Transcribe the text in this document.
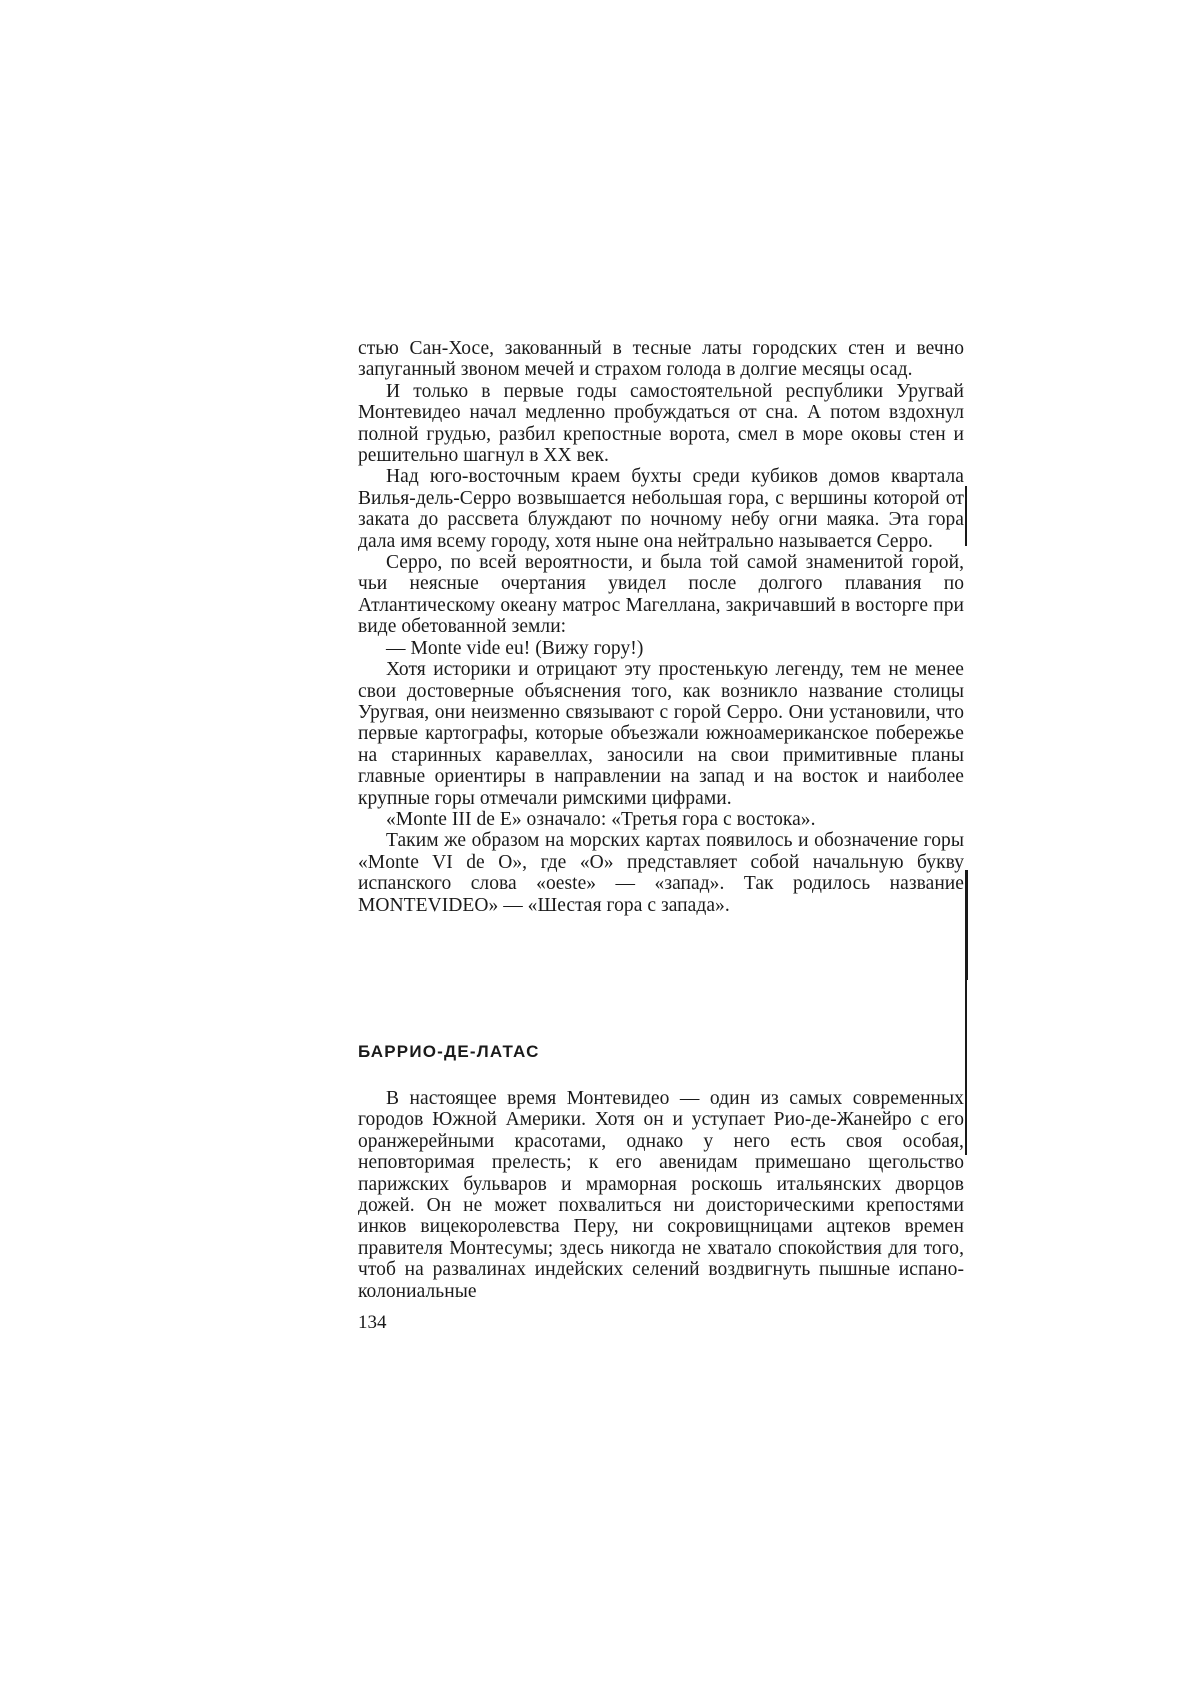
стью Сан-Хосе, закованный в тесные латы городских стен и вечно запуганный звоном мечей и страхом голода в долгие месяцы осад.

И только в первые годы самостоятельной республики Уругвай Монтевидео начал медленно пробуждаться от сна. А потом вздохнул полной грудью, разбил крепостные ворота, смел в море оковы стен и решительно шагнул в XX век.

Над юго-восточным краем бухты среди кубиков домов квартала Вилья-дель-Серро возвышается небольшая гора, с вершины которой от заката до рассвета блуждают по ночному небу огни маяка. Эта гора дала имя всему городу, хотя ныне она нейтрально называется Серро.

Серро, по всей вероятности, и была той самой знаменитой горой, чьи неясные очертания увидел после долгого плавания по Атлантическому океану матрос Магеллана, закричавший в восторге при виде обетованной земли:

— Monte vide eu! (Вижу гору!)

Хотя историки и отрицают эту простенькую легенду, тем не менее свои достоверные объяснения того, как возникло название столицы Уругвая, они неизменно связывают с горой Серро. Они установили, что первые картографы, которые объезжали южноамериканское побережье на старинных каравеллах, заносили на свои примитивные планы главные ориентиры в направлении на запад и на восток и наиболее крупные горы отмечали римскими цифрами.

«Monte III de E» означало: «Третья гора с востока».

Таким же образом на морских картах появилось и обозначение горы «Monte VI de O», где «O» представляет собой начальную букву испанского слова «oeste» — «запад». Так родилось название MONTEVIDEO» — «Шестая гора с запада».

БАРРИО-ДЕ-ЛАТАС

В настоящее время Монтевидео — один из самых современных городов Южной Америки. Хотя он и уступает Рио-де-Жанейро с его оранжерейными красотами, однако у него есть своя особая, неповторимая прелесть; к его авенидам примешано щегольство парижских бульваров и мраморная роскошь итальянских дворцов дожей. Он не может похвалиться ни доисторическими крепостями инков вицекоролевства Перу, ни сокровищницами ацтеков времен правителя Монтесумы; здесь никогда не хватало спокойствия для того, чтоб на развалинах индейских селений воздвигнуть пышные испано-колониальные

134
